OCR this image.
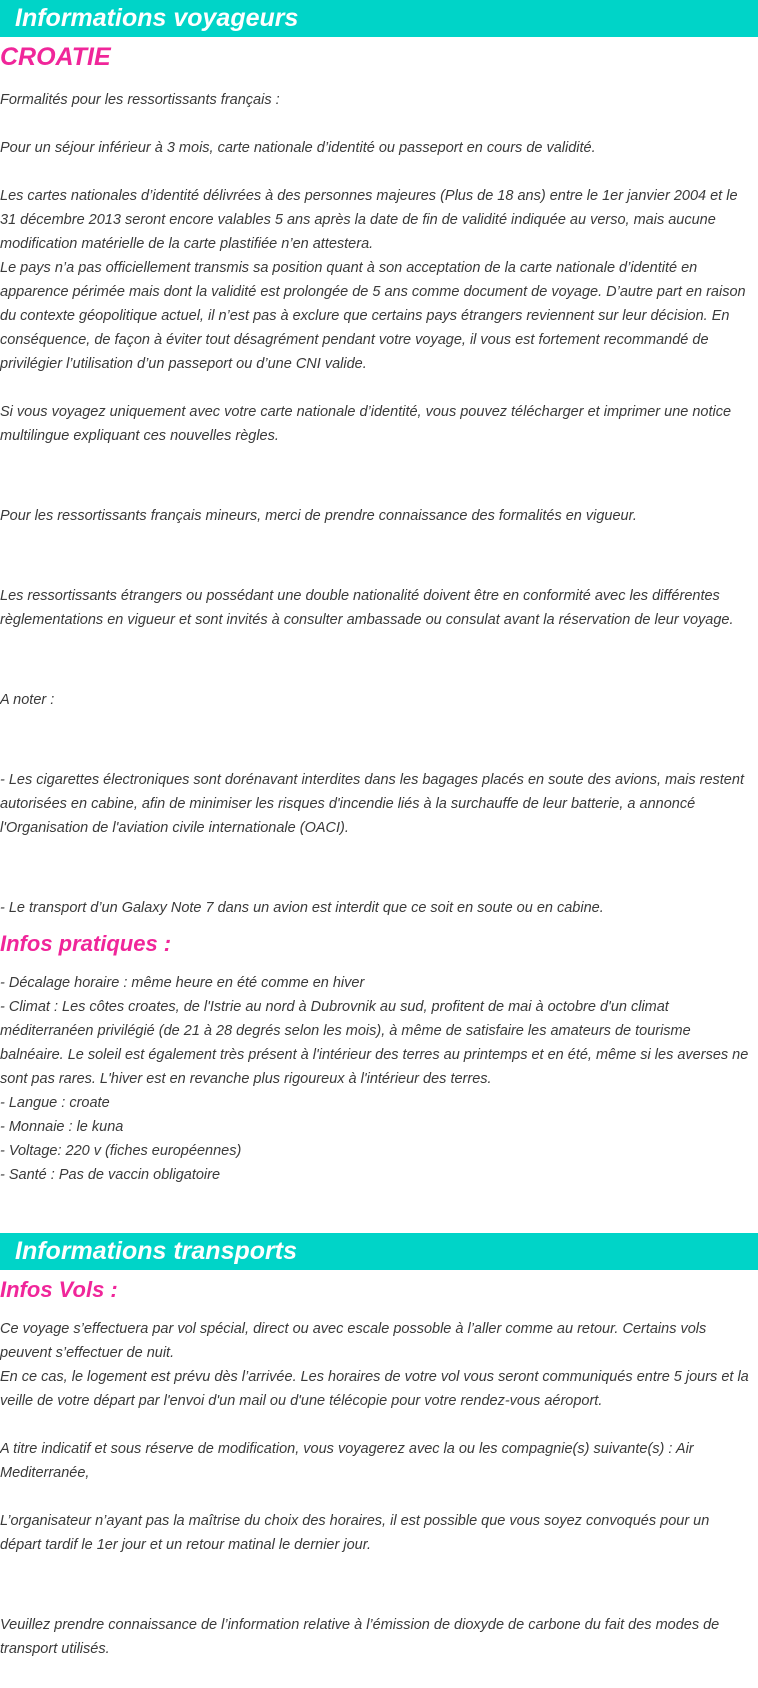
Informations voyageurs
CROATIE

Formalités pour les ressortissants français :

Pour un séjour inférieur à 3 mois, carte nationale d’identité ou passeport en cours de validité.

Les cartes nationales d’identité délivrées à des personnes majeures (Plus de 18 ans) entre le 1er janvier 2004 et le 31 décembre 2013 seront encore valables 5 ans après la date de fin de validité indiquée au verso, mais aucune modification matérielle de la carte plastifiée n’en attestera.

Le pays n’a pas officiellement transmis sa position quant à son acceptation de la carte nationale d’identité en apparence périmée mais dont la validité est prolongée de 5 ans comme document de voyage. D’autre part en raison du contexte géopolitique actuel, il n’est pas à exclure que certains pays étrangers reviennent sur leur décision. En conséquence, de façon à éviter tout désagrément pendant votre voyage, il vous est fortement recommandé de privilégier l’utilisation d’un passeport ou d’une CNI valide.

Si vous voyagez uniquement avec votre carte nationale d’identité, vous pouvez télécharger et imprimer une notice multilingue expliquant ces nouvelles règles.

Pour les ressortissants français mineurs, merci de prendre connaissance des formalités en vigueur.

Les ressortissants étrangers ou possédant une double nationalité doivent être en conformité avec les différentes règlementations en vigueur et sont invités à consulter ambassade ou consulat avant la réservation de leur voyage.

A noter :

- Les cigarettes électroniques sont dorénavant interdites dans les bagages placés en soute des avions, mais restent autorisées en cabine, afin de minimiser les risques d'incendie liés à la surchauffe de leur batterie, a annoncé l'Organisation de l'aviation civile internationale (OACI).

- Le transport d’un Galaxy Note 7 dans un avion est interdit que ce soit en soute ou en cabine.

Infos pratiques :

- Décalage horaire : même heure en été comme en hiver

- Climat : Les côtes croates, de l'Istrie au nord à Dubrovnik au sud, profitent de mai à octobre d'un climat méditerranéen privilégié (de 21 à 28 degrés selon les mois), à même de satisfaire les amateurs de tourisme balnéaire. Le soleil est également très présent à l'intérieur des terres au printemps et en été, même si les averses ne sont pas rares. L'hiver est en revanche plus rigoureux à l'intérieur des terres.

- Langue : croate

- Monnaie : le kuna

- Voltage: 220 v (fiches européennes)

- Santé : Pas de vaccin obligatoire

Informations transports
Infos Vols :

Ce voyage s’effectuera par vol spécial, direct ou avec escale possoble à l’aller comme au retour. Certains vols peuvent s’effectuer de nuit.

En ce cas, le logement est prévu dès l’arrivée. Les horaires de votre vol vous seront communiqués entre 5 jours et la veille de votre départ par l'envoi d'un mail ou d'une télécopie pour votre rendez-vous aéroport.

A titre indicatif et sous réserve de modification, vous voyagerez avec la ou les compagnie(s) suivante(s) : Air Mediterranée,

L’organisateur n’ayant pas la maîtrise du choix des horaires, il est possible que vous soyez convoqués pour un départ tardif le 1er jour et un retour matinal le dernier jour.

Veuillez prendre connaissance de l’information relative à l’émission de dioxyde de carbone du fait des modes de transport utilisés.
